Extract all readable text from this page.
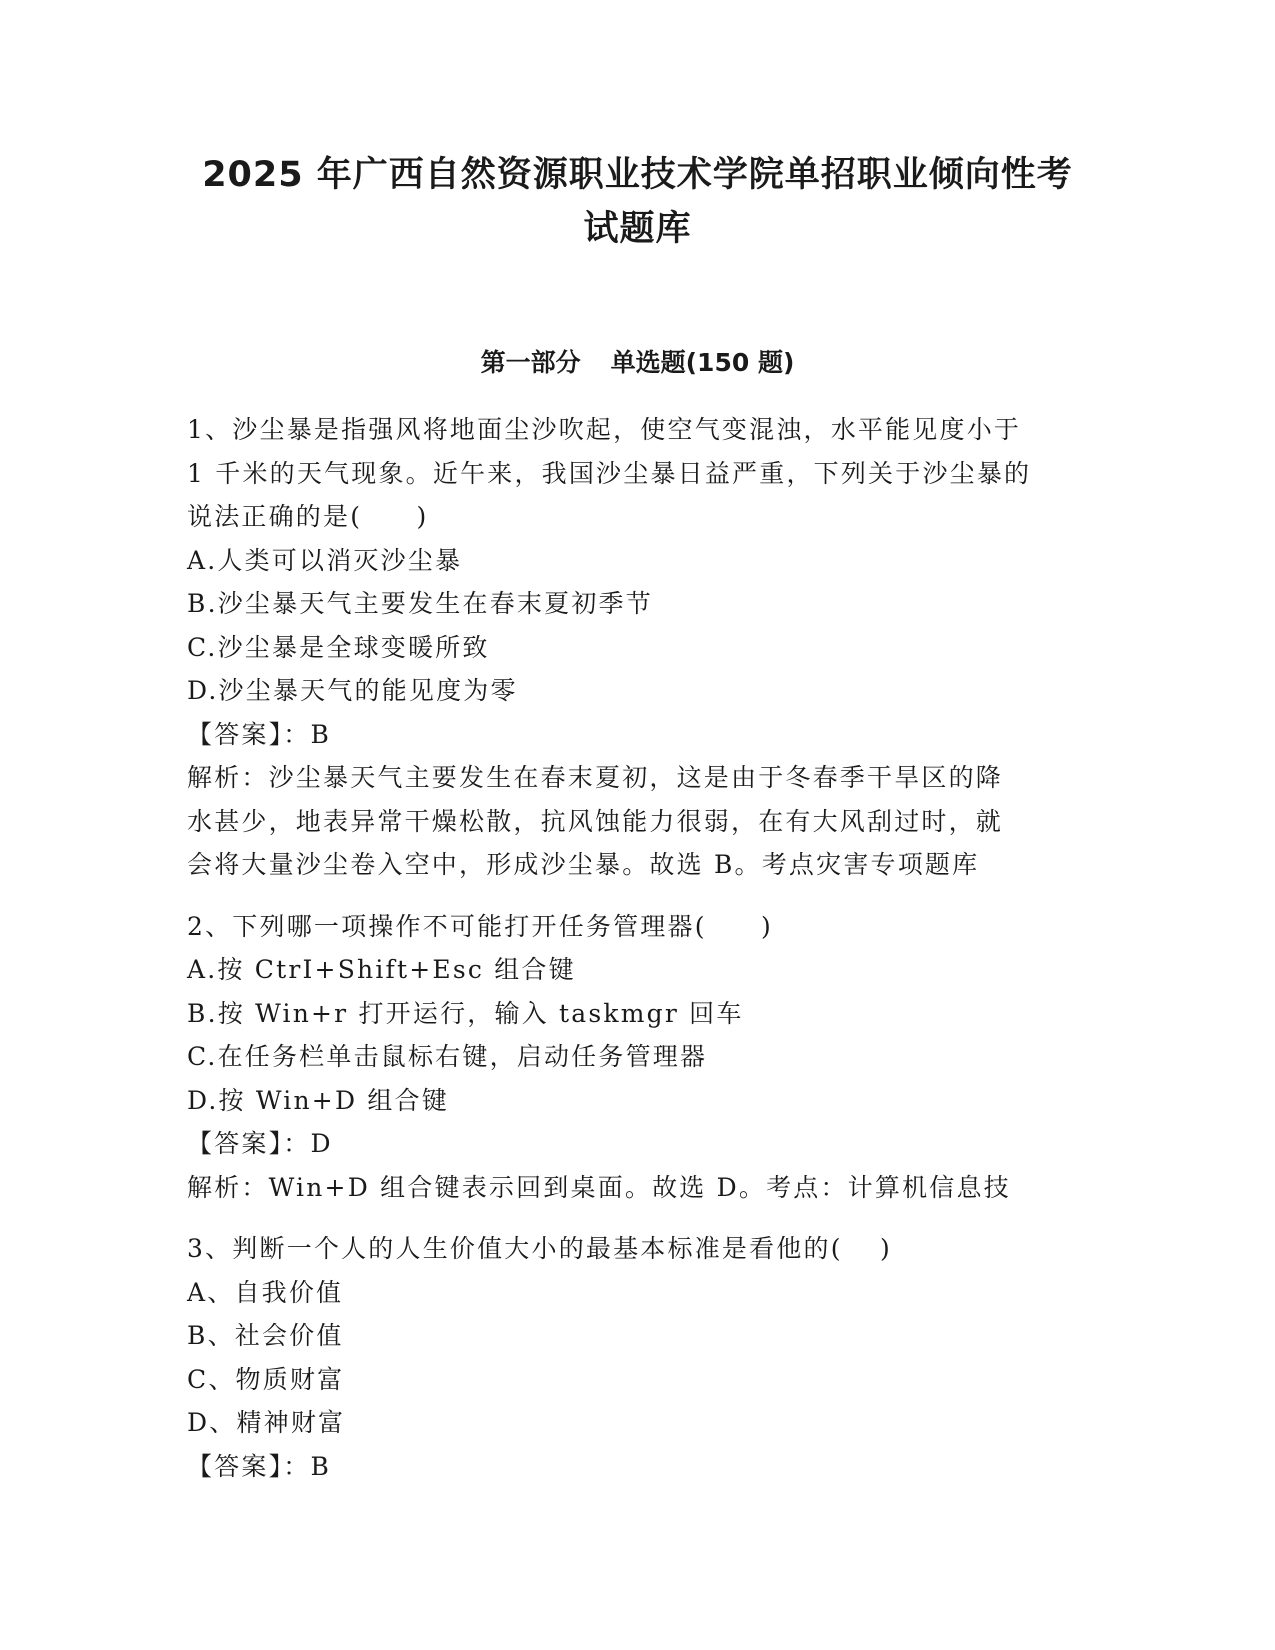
2025 年广西自然资源职业技术学院单招职业倾向性考
试题库
第一部分 单选题(150 题)
1、沙尘暴是指强风将地面尘沙吹起，使空气变混浊，水平能见度小于
1 千米的天气现象。近午来，我国沙尘暴日益严重，下列关于沙尘暴的
说法正确的是(　　)
A.人类可以消灭沙尘暴
B.沙尘暴天气主要发生在春末夏初季节
C.沙尘暴是全球变暖所致
D.沙尘暴天气的能见度为零
【答案】：B
解析：沙尘暴天气主要发生在春末夏初，这是由于冬春季干旱区的降
水甚少，地表异常干燥松散，抗风蚀能力很弱，在有大风刮过时，就
会将大量沙尘卷入空中，形成沙尘暴。故选 B。考点灾害专项题库
2、下列哪一项操作不可能打开任务管理器(　　)
A.按 CtrI+Shift+Esc 组合键
B.按 Win+r 打开运行，输入 taskmgr 回车
C.在任务栏单击鼠标右键，启动任务管理器
D.按 Win+D 组合键
【答案】：D
解析：Win+D 组合键表示回到桌面。故选 D。考点：计算机信息技
3、判断一个人的人生价值大小的最基本标准是看他的(　 )
A、自我价值
B、社会价值
C、物质财富
D、精神财富
【答案】：B
